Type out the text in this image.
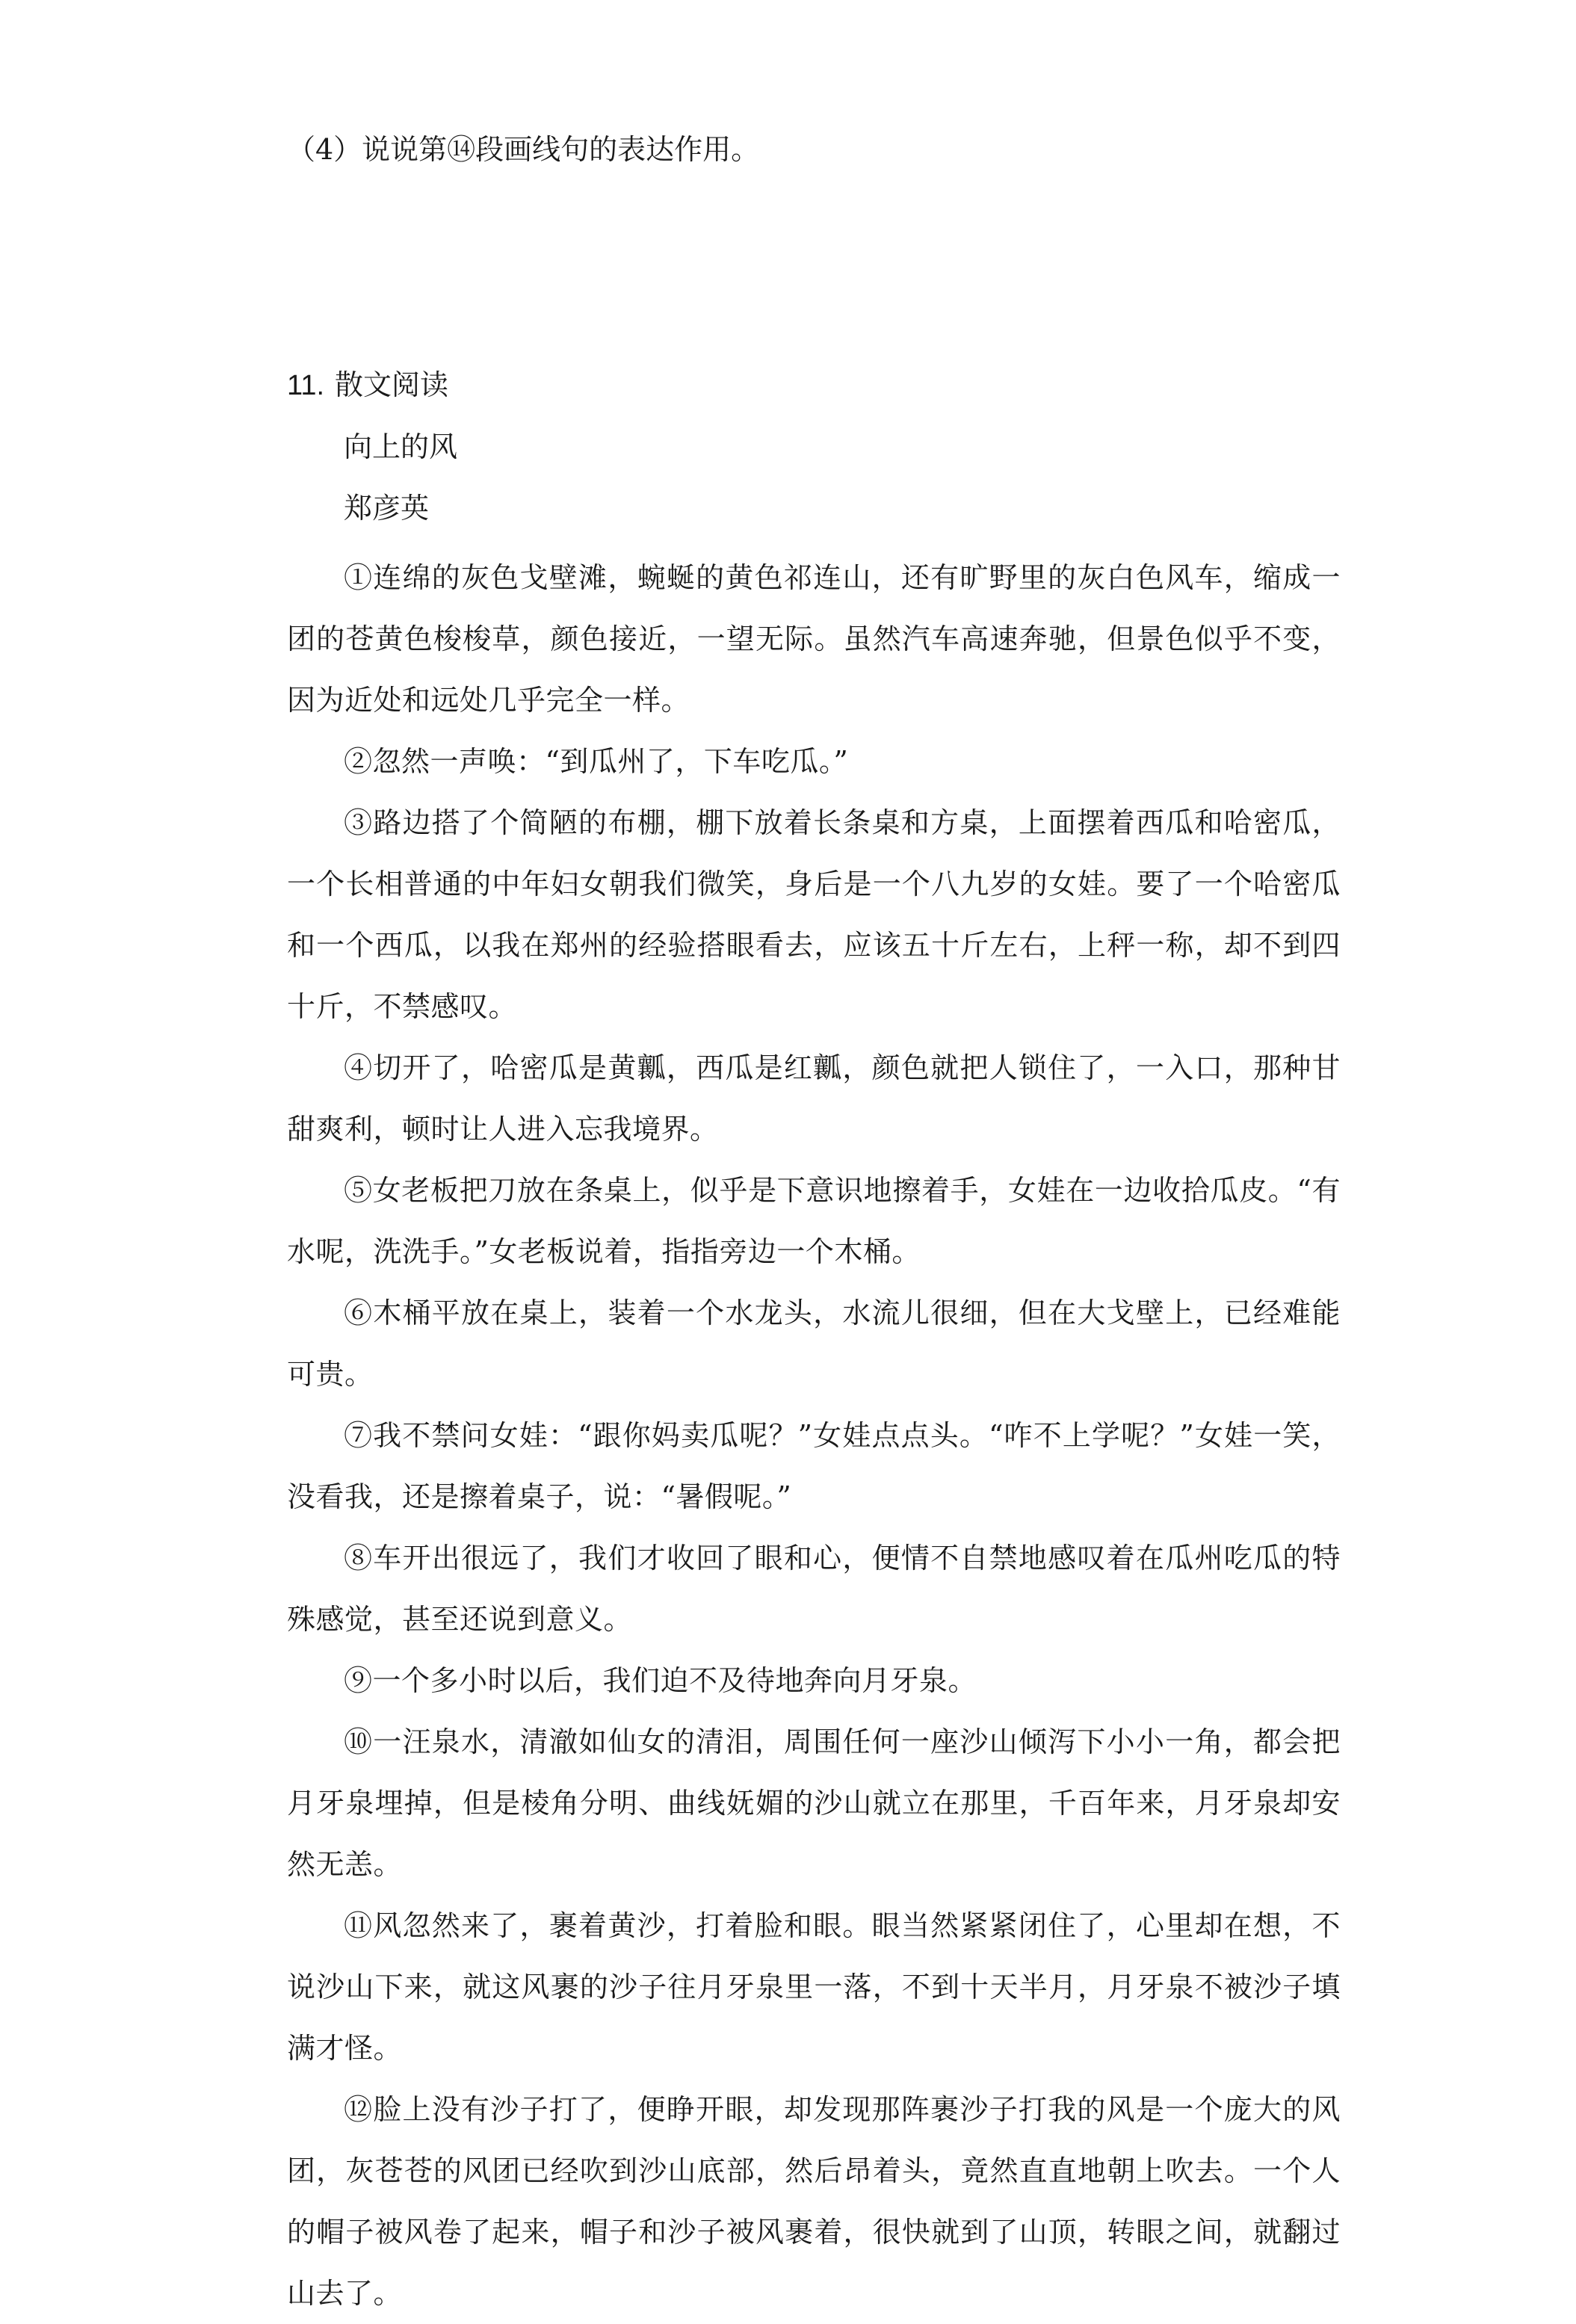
（4）说说第⑭段画线句的表达作用。
11. 散文阅读
向上的风
郑彦英

①连绵的灰色戈壁滩，蜿蜒的黄色祁连山，还有旷野里的灰白色风车，缩成一团的苍黄色梭梭草，颜色接近，一望无际。虽然汽车高速奔驰，但景色似乎不变，因为近处和远处几乎完全一样。

②忽然一声唤：“到瓜州了，下车吃瓜。”

③路边搭了个简陋的布棚，棚下放着长条桌和方桌，上面摆着西瓜和哈密瓜，一个长相普通的中年妇女朝我们微笑，身后是一个八九岁的女娃。要了一个哈密瓜和一个西瓜，以我在郑州的经验搭眼看去，应该五十斤左右，上秤一称，却不到四十斤，不禁感叹。

④切开了，哈密瓜是黄瓤，西瓜是红瓤，颜色就把人锁住了，一入口，那种甘甜爽利，顿时让人进入忘我境界。

⑤女老板把刀放在条桌上，似乎是下意识地擦着手，女娃在一边收拾瓜皮。“有水呢，洗洗手。”女老板说着，指指旁边一个木桶。

⑥木桶平放在桌上，装着一个水龙头，水流儿很细，但在大戈壁上，已经难能可贵。

⑦我不禁问女娃：“跟你妈卖瓜呢？”女娃点点头。“咋不上学呢？”女娃一笑，没看我，还是擦着桌子，说：“暑假呢。”

⑧车开出很远了，我们才收回了眼和心，便情不自禁地感叹着在瓜州吃瓜的特殊感觉，甚至还说到意义。

⑨一个多小时以后，我们迫不及待地奔向月牙泉。

⑩一汪泉水，清澈如仙女的清泪，周围任何一座沙山倾泻下小小一角，都会把月牙泉埋掉，但是棱角分明、曲线妩媚的沙山就立在那里，千百年来，月牙泉却安然无恙。

⑪风忽然来了，裹着黄沙，打着脸和眼。眼当然紧紧闭住了，心里却在想，不说沙山下来，就这风裹的沙子往月牙泉里一落，不到十天半月，月牙泉不被沙子填满才怪。

⑫脸上没有沙子打了，便睁开眼，却发现那阵裹沙子打我的风是一个庞大的风团，灰苍苍的风团已经吹到沙山底部，然后昂着头，竟然直直地朝上吹去。一个人的帽子被风卷了起来，帽子和沙子被风裹着，很快就到了山顶，转眼之间，就翻过山去了。
